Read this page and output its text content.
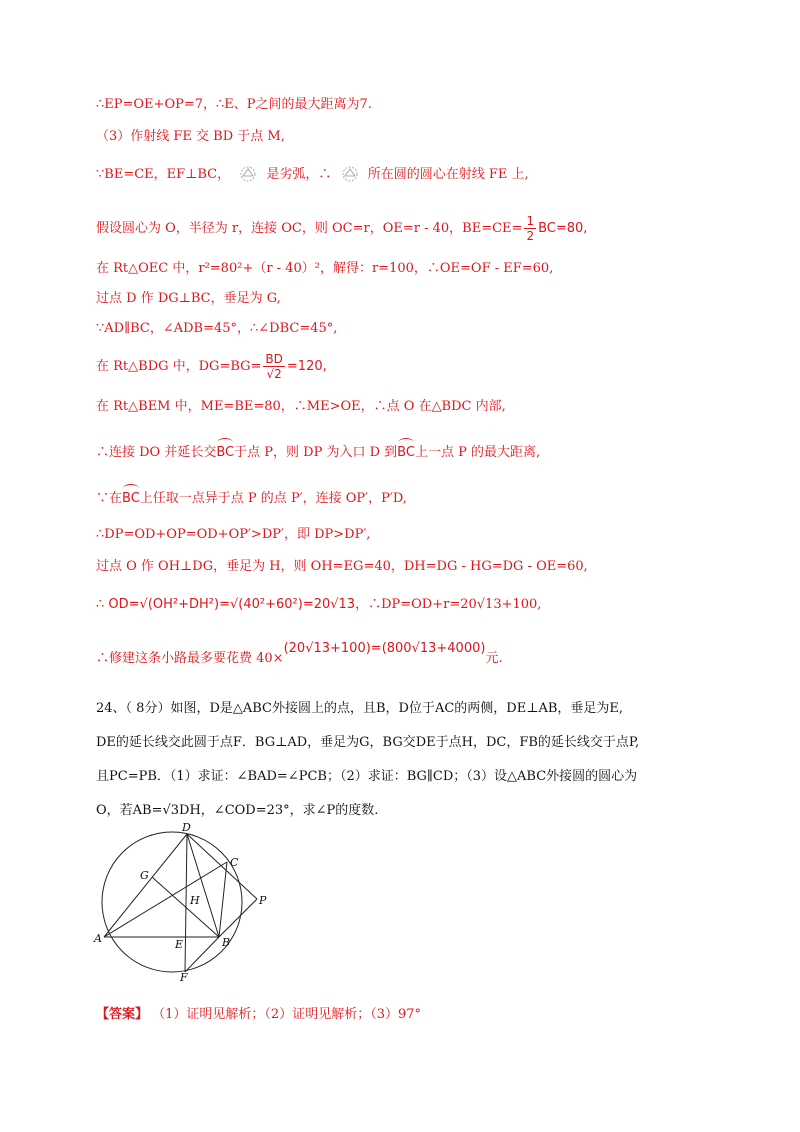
∴EP=OE+OP=7，∴E、P之间的最大距离为7.
（3）作射线 FE 交 BD 于点 M,
∵BE=CE，EF⊥BC，	是劣弧，∴	所在圆的圆心在射线 FE 上,
假设圆心为 O，半径为 r，连接 OC，则 OC=r，OE=r - 40，$BE=CE= \frac{1}{2} BC=80$,
在 Rt△OEC 中，r²=80²+（r - 40）²，解得：r=100，∴OE=OF - EF=60,
过点 D 作 DG⊥BC，垂足为 G,
∵AD∥BC，∠ADB=45°，∴∠DBC=45°,
在 Rt△BDG 中，$DG=BG= \frac{BD}{√2} =120$,
在 Rt△BEM 中，ME=BE=80，∴ME>OE，∴点 O 在△BDC 内部,
∴连接 DO 并延长交BC于点 P，则 DP 为入口 D 到BC上一点 P 的最大距离,
∵在BC上任取一点异于点 P 的点 P′，连接 OP′，P′D,
∴DP=OD+OP=OD+OP′>DP′，即 DP>DP′,
过点 O 作 OH⊥DG，垂足为 H，则 OH=EG=40，DH=DG - HG=DG - OE=60,
∴ OD=√(OH²+DH²)=√(40²+60²)=20√13，∴DP=OD+r=20√13+100,
∴修建这条小路最多要花费 40×(20√13+100)=(800√13+4000)元.
24、（ 8分）如图，D是△ABC外接圆上的点，且B，D位于AC的两侧，DE⊥AB，垂足为E,
DE的延长线交此圆于点F．BG⊥AD，垂足为G，BG交DE于点H，DC，FB的延长线交于点P,
且PC=PB．（1）求证：∠BAD=∠PCB；（2）求证：BG∥CD；（3）设△ABC外接圆的圆心为
O，若AB=√3DH，∠COD=23°，求∠P的度数.
D
C
G
H	P
A	E	B
F
【答案】 （1）证明见解析；（2）证明见解析；（3）97°
